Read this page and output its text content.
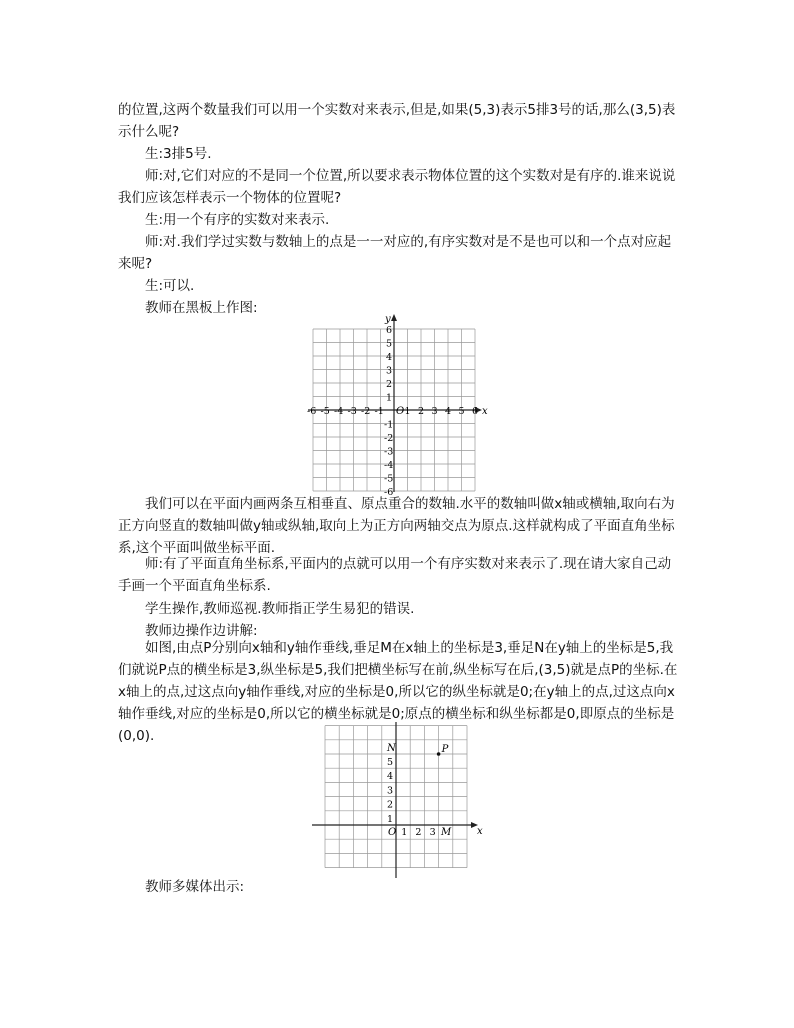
的位置,这两个数量我们可以用一个实数对来表示,但是,如果(5,3)表示5排3号的话,那么(3,5)表示什么呢?

生:3排5号.

师:对,它们对应的不是同一个位置,所以要求表示物体位置的这个实数对是有序的.谁来说说我们应该怎样表示一个物体的位置呢?

生:用一个有序的实数对来表示.

师:对.我们学过实数与数轴上的点是一一对应的,有序实数对是不是也可以和一个点对应起来呢?

生:可以.

教师在黑板上作图:

x
y
O
-6 -5 -4 -3 -2 -1 1 2 3 4 5 6
1
2
3
4
5
6
-1
-2
-3
-4
-5
-6

我们可以在平面内画两条互相垂直、原点重合的数轴.水平的数轴叫做x轴或横轴,取向右为正方向竖直的数轴叫做y轴或纵轴,取向上为正方向两轴交点为原点.这样就构成了平面直角坐标系,这个平面叫做坐标平面.

师:有了平面直角坐标系,平面内的点就可以用一个有序实数对来表示了.现在请大家自己动手画一个平面直角坐标系.

学生操作,教师巡视.教师指正学生易犯的错误.

教师边操作边讲解:

如图,由点P分别向x轴和y轴作垂线,垂足M在x轴上的坐标是3,垂足N在y轴上的坐标是5,我们就说P点的横坐标是3,纵坐标是5,我们把横坐标写在前,纵坐标写在后,(3,5)就是点P的坐标.在x轴上的点,过这点向y轴作垂线,对应的坐标是0,所以它的纵坐标就是0;在y轴上的点,过这点向x轴作垂线,对应的坐标是0,所以它的横坐标就是0;原点的横坐标和纵坐标都是0,即原点的坐标是(0,0).

x
O
N
M
1 2 3
1
2
3
4
5
P

教师多媒体出示:
